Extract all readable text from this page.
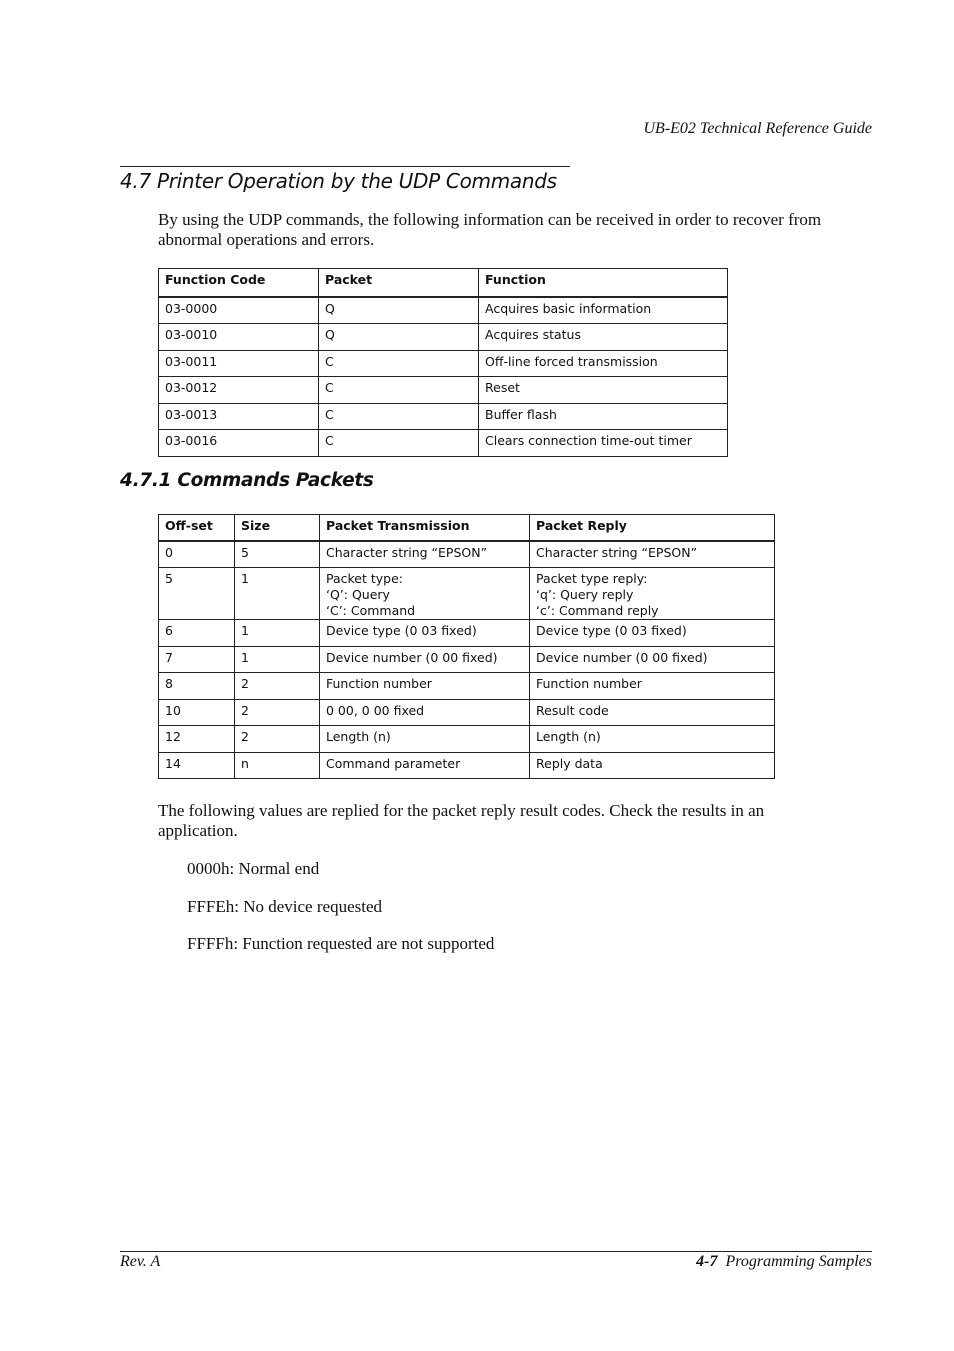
UB-E02 Technical Reference Guide
4.7 Printer Operation by the UDP Commands

By using the UDP commands, the following information can be received in order to recover from abnormal operations and errors.

Function Code	Packet	Function
03-0000	Q	Acquires basic information
03-0010	Q	Acquires status
03-0011	C	Off-line forced transmission
03-0012	C	Reset
03-0013	C	Buffer flash
03-0016	C	Clears connection time-out timer
4.7.1 Commands Packets
Off-set	Size	Packet Transmission	Packet Reply
0	5	Character string “EPSON”	Character string “EPSON”
5	1	Packet type:
‘Q’: Query
‘C’: Command	Packet type reply:
‘q’: Query reply
‘c’: Command reply
6	1	Device type (0 03 fixed)	Device type (0 03 fixed)
7	1	Device number (0 00 fixed)	Device number (0 00 fixed)
8	2	Function number	Function number
10	2	0 00, 0 00 fixed	Result code
12	2	Length (n)	Length (n)
14	n	Command parameter	Reply data

The following values are replied for the packet reply result codes. Check the results in an application.

0000h: Normal end

FFFEh: No device requested

FFFFh: Function requested are not supported

Rev. A	4-7 Programming Samples
